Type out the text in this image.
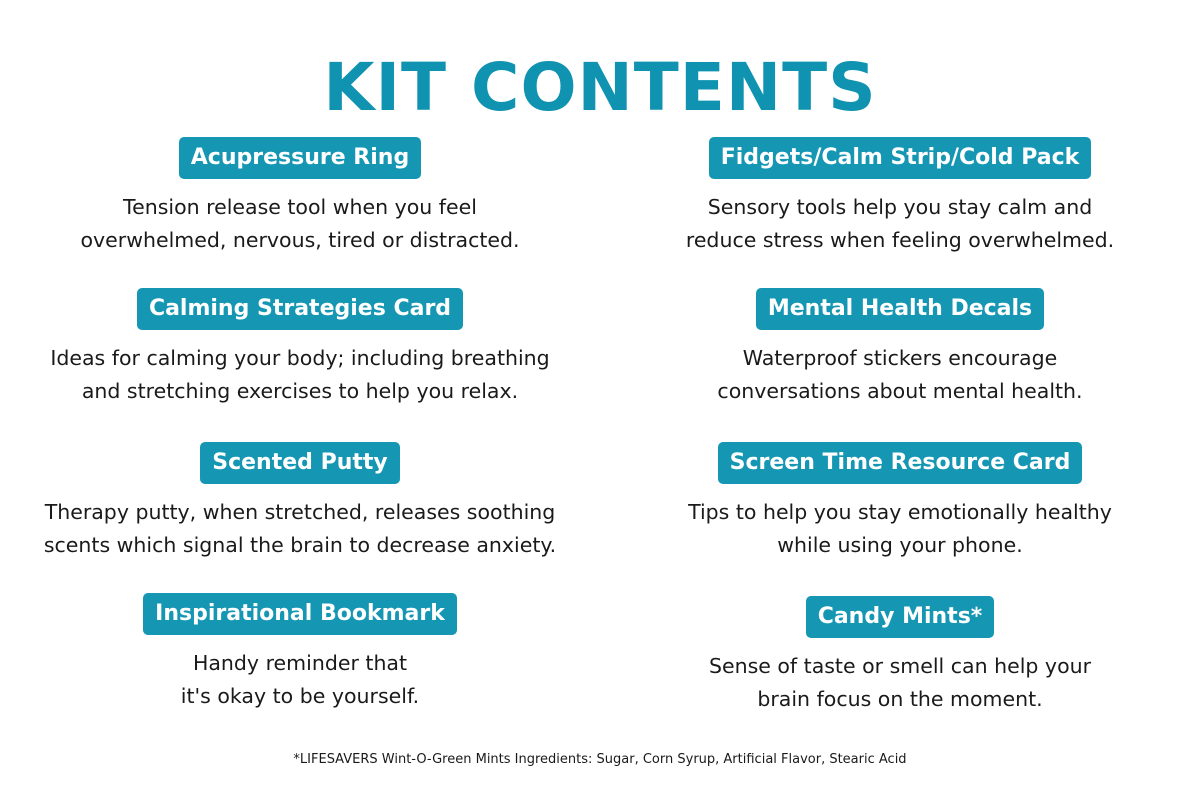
KIT CONTENTS
Acupressure Ring
Tension release tool when you feel
overwhelmed, nervous, tired or distracted.
Calming Strategies Card
Ideas for calming your body; including breathing
and stretching exercises to help you relax.
Scented Putty
Therapy putty, when stretched, releases soothing
scents which signal the brain to decrease anxiety.
Inspirational Bookmark
Handy reminder that
it's okay to be yourself.
Fidgets/Calm Strip/Cold Pack
Sensory tools help you stay calm and
reduce stress when feeling overwhelmed.
Mental Health Decals
Waterproof stickers encourage
conversations about mental health.
Screen Time Resource Card
Tips to help you stay emotionally healthy
while using your phone.
Candy Mints*
Sense of taste or smell can help your
brain focus on the moment.
*LIFESAVERS Wint-O-Green Mints Ingredients: Sugar, Corn Syrup, Artificial Flavor, Stearic Acid
